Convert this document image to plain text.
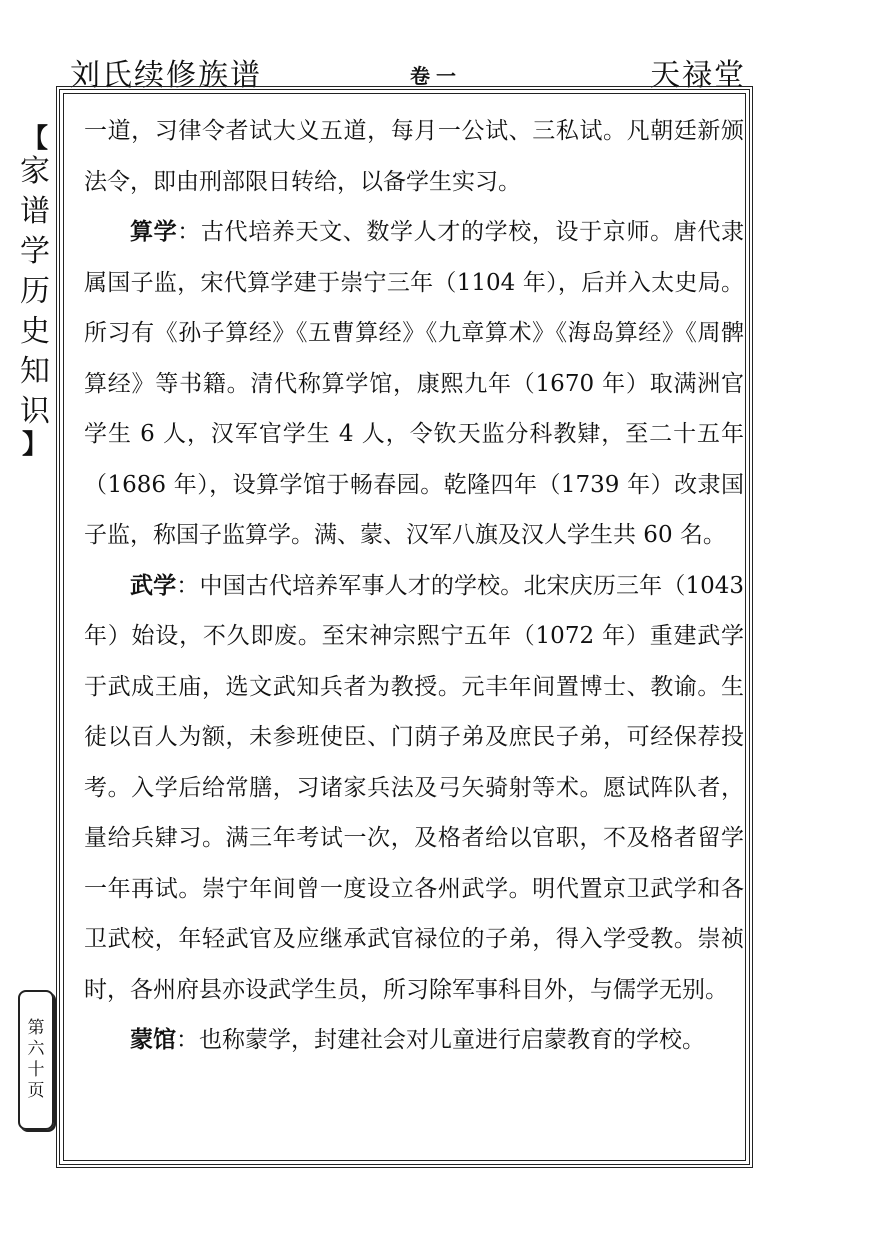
刘氏续修族谱	卷一	天禄堂
【
家
谱
学
历
史
知
识
】
第
六
十
页

一道，习律令者试大义五道，每月一公试、三私试。凡朝廷新颁法令，即由刑部限日转给，以备学生实习。

算学：古代培养天文、数学人才的学校，设于京师。唐代隶属国子监，宋代算学建于崇宁三年（1104 年），后并入太史局。所习有《孙子算经》《五曹算经》《九章算术》《海岛算经》《周髀算经》等书籍。清代称算学馆，康熙九年（1670 年）取满洲官学生 6 人，汉军官学生 4 人，令钦天监分科教肄，至二十五年（1686 年），设算学馆于畅春园。乾隆四年（1739 年）改隶国子监，称国子监算学。满、蒙、汉军八旗及汉人学生共 60 名。

武学：中国古代培养军事人才的学校。北宋庆历三年（1043 年）始设，不久即废。至宋神宗熙宁五年（1072 年）重建武学于武成王庙，选文武知兵者为教授。元丰年间置博士、教谕。生徒以百人为额，未参班使臣、门荫子弟及庶民子弟，可经保荐投考。入学后给常膳，习诸家兵法及弓矢骑射等术。愿试阵队者，量给兵肄习。满三年考试一次，及格者给以官职，不及格者留学一年再试。崇宁年间曾一度设立各州武学。明代置京卫武学和各卫武校，年轻武官及应继承武官禄位的子弟，得入学受教。崇祯时，各州府县亦设武学生员，所习除军事科目外，与儒学无别。

蒙馆：也称蒙学，封建社会对儿童进行启蒙教育的学校。
